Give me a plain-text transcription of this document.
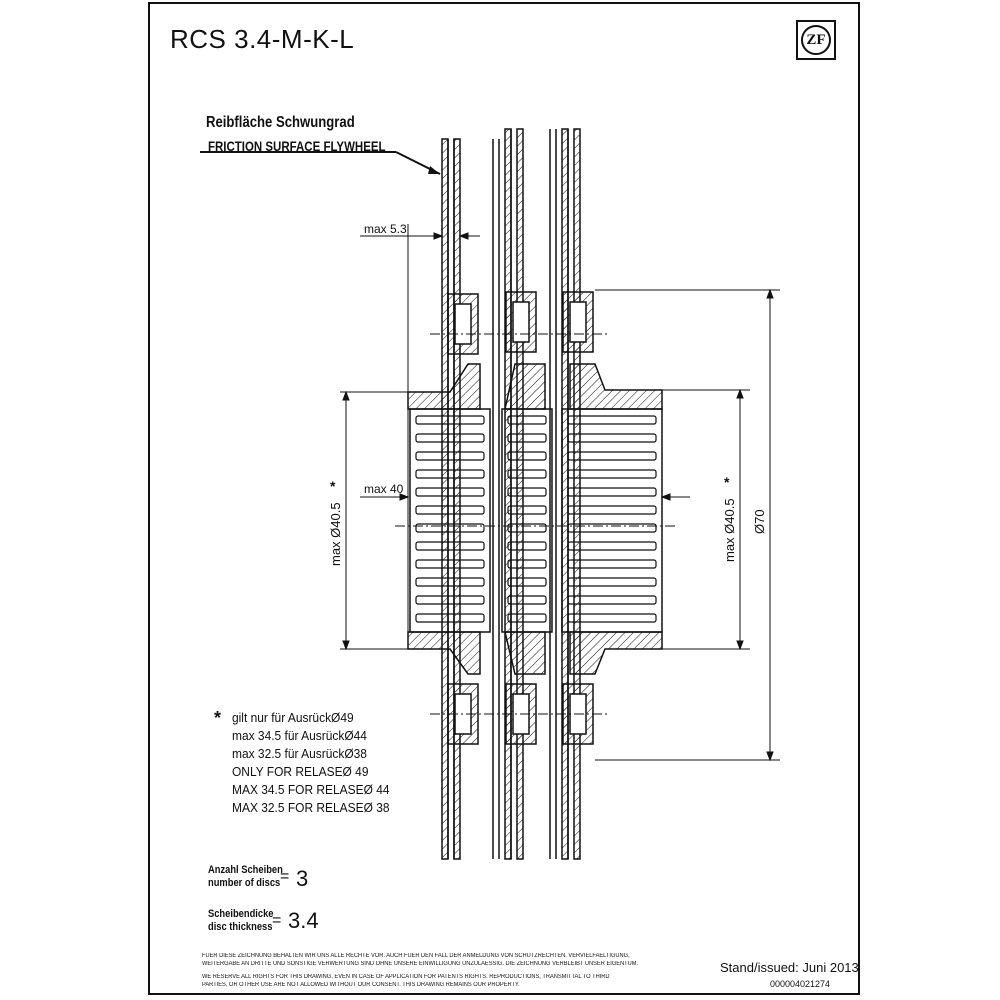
RCS 3.4-M-K-L	ZF
Reibfläche Schwungrad
FRICTION SURFACE FLYWHEEL
max 5.3
max 40
max Ø40.5
*
max Ø40.5
*
Ø70
* gilt nur für AusrückØ49
max 34.5 für AusrückØ44
max 32.5 für AusrückØ38
ONLY FOR RELASEØ 49
MAX 34.5 FOR RELASEØ 44
MAX 32.5 FOR RELASEØ 38
Anzahl Scheiben
number of discs = 3
Scheibendicke
disc thickness = 3.4
FUER DIESE ZEICHNUNG BEHALTEN WIR UNS ALLE RECHTE VOR. AUCH FUER DEN FALL DER ANMELDUNG VON SCHUTZRECHTEN. VERVIELFAELTIGUNG,
WEITERGABE AN DRITTE UND SONSTIGE VERWERTUNG SIND OHNE UNSERE EINWILLIGUNG UNZULAESSIG. DIE ZEICHNUNG VERBLEIBT UNSER EIGENTUM.
WE RESERVE ALL RIGHTS FOR THIS DRAWING, EVEN IN CASE OF APPLICATION FOR PATENTS RIGHTS. REPRODUCTIONS, TRANSMITTAL TO THIRD
PARTIES, OR OTHER USE ARE NOT ALLOWED WITHOUT OUR CONSENT. THIS DRAWING REMAINS OUR PROPERTY.
Stand/issued: Juni 2013
000004021274
